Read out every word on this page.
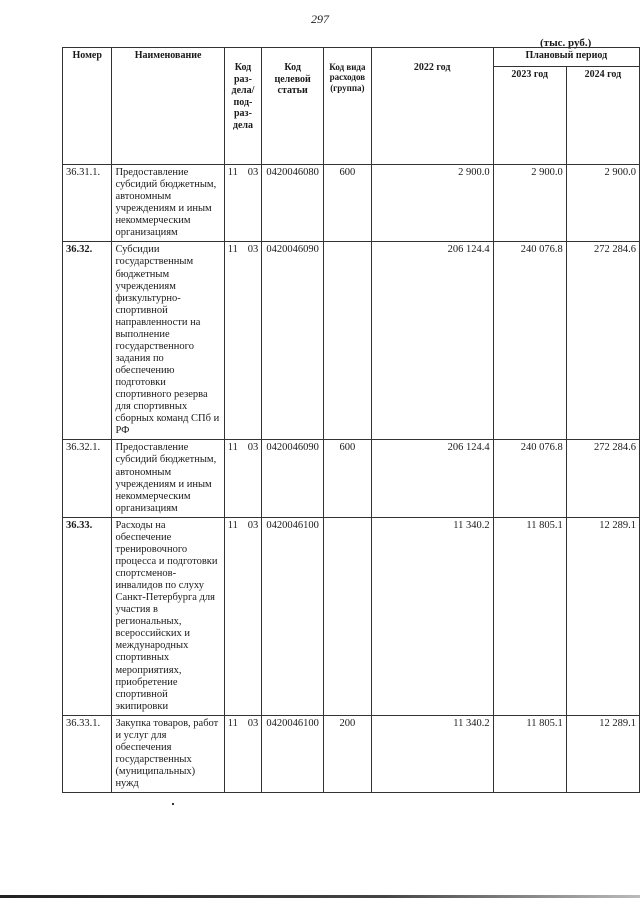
297
(тыс. руб.)
Номер	Наименование	Код раз-дела/ под-раз-дела	Код целевой статьи	Код вида расходов (группа)	2022 год	Плановый период	
						2023 год	2024 год
36.31.1.	Предоставление субсидий бюджетным, автономным учреждениям и иным некоммерческим организациям	11 03	0420046080	600	2 900.0	2 900.0	2 900.0
36.32.	Субсидии государственным бюджетным учреждениям физкультурно-спортивной направленности на выполнение государственного задания по обеспечению подготовки спортивного резерва для спортивных сборных команд СПб и РФ	11 03	0420046090		206 124.4	240 076.8	272 284.6
36.32.1.	Предоставление субсидий бюджетным, автономным учреждениям и иным некоммерческим организациям	11 03	0420046090	600	206 124.4	240 076.8	272 284.6
36.33.	Расходы на обеспечение тренировочного процесса и подготовки спортсменов-инвалидов по слуху Санкт-Петербурга для участия в региональных, всероссийских и международных спортивных мероприятиях, приобретение спортивной экипировки	11 03	0420046100		11 340.2	11 805.1	12 289.1
36.33.1.	Закупка товаров, работ и услуг для обеспечения государственных (муниципальных) нужд	11 03	0420046100	200	11 340.2	11 805.1	12 289.1
